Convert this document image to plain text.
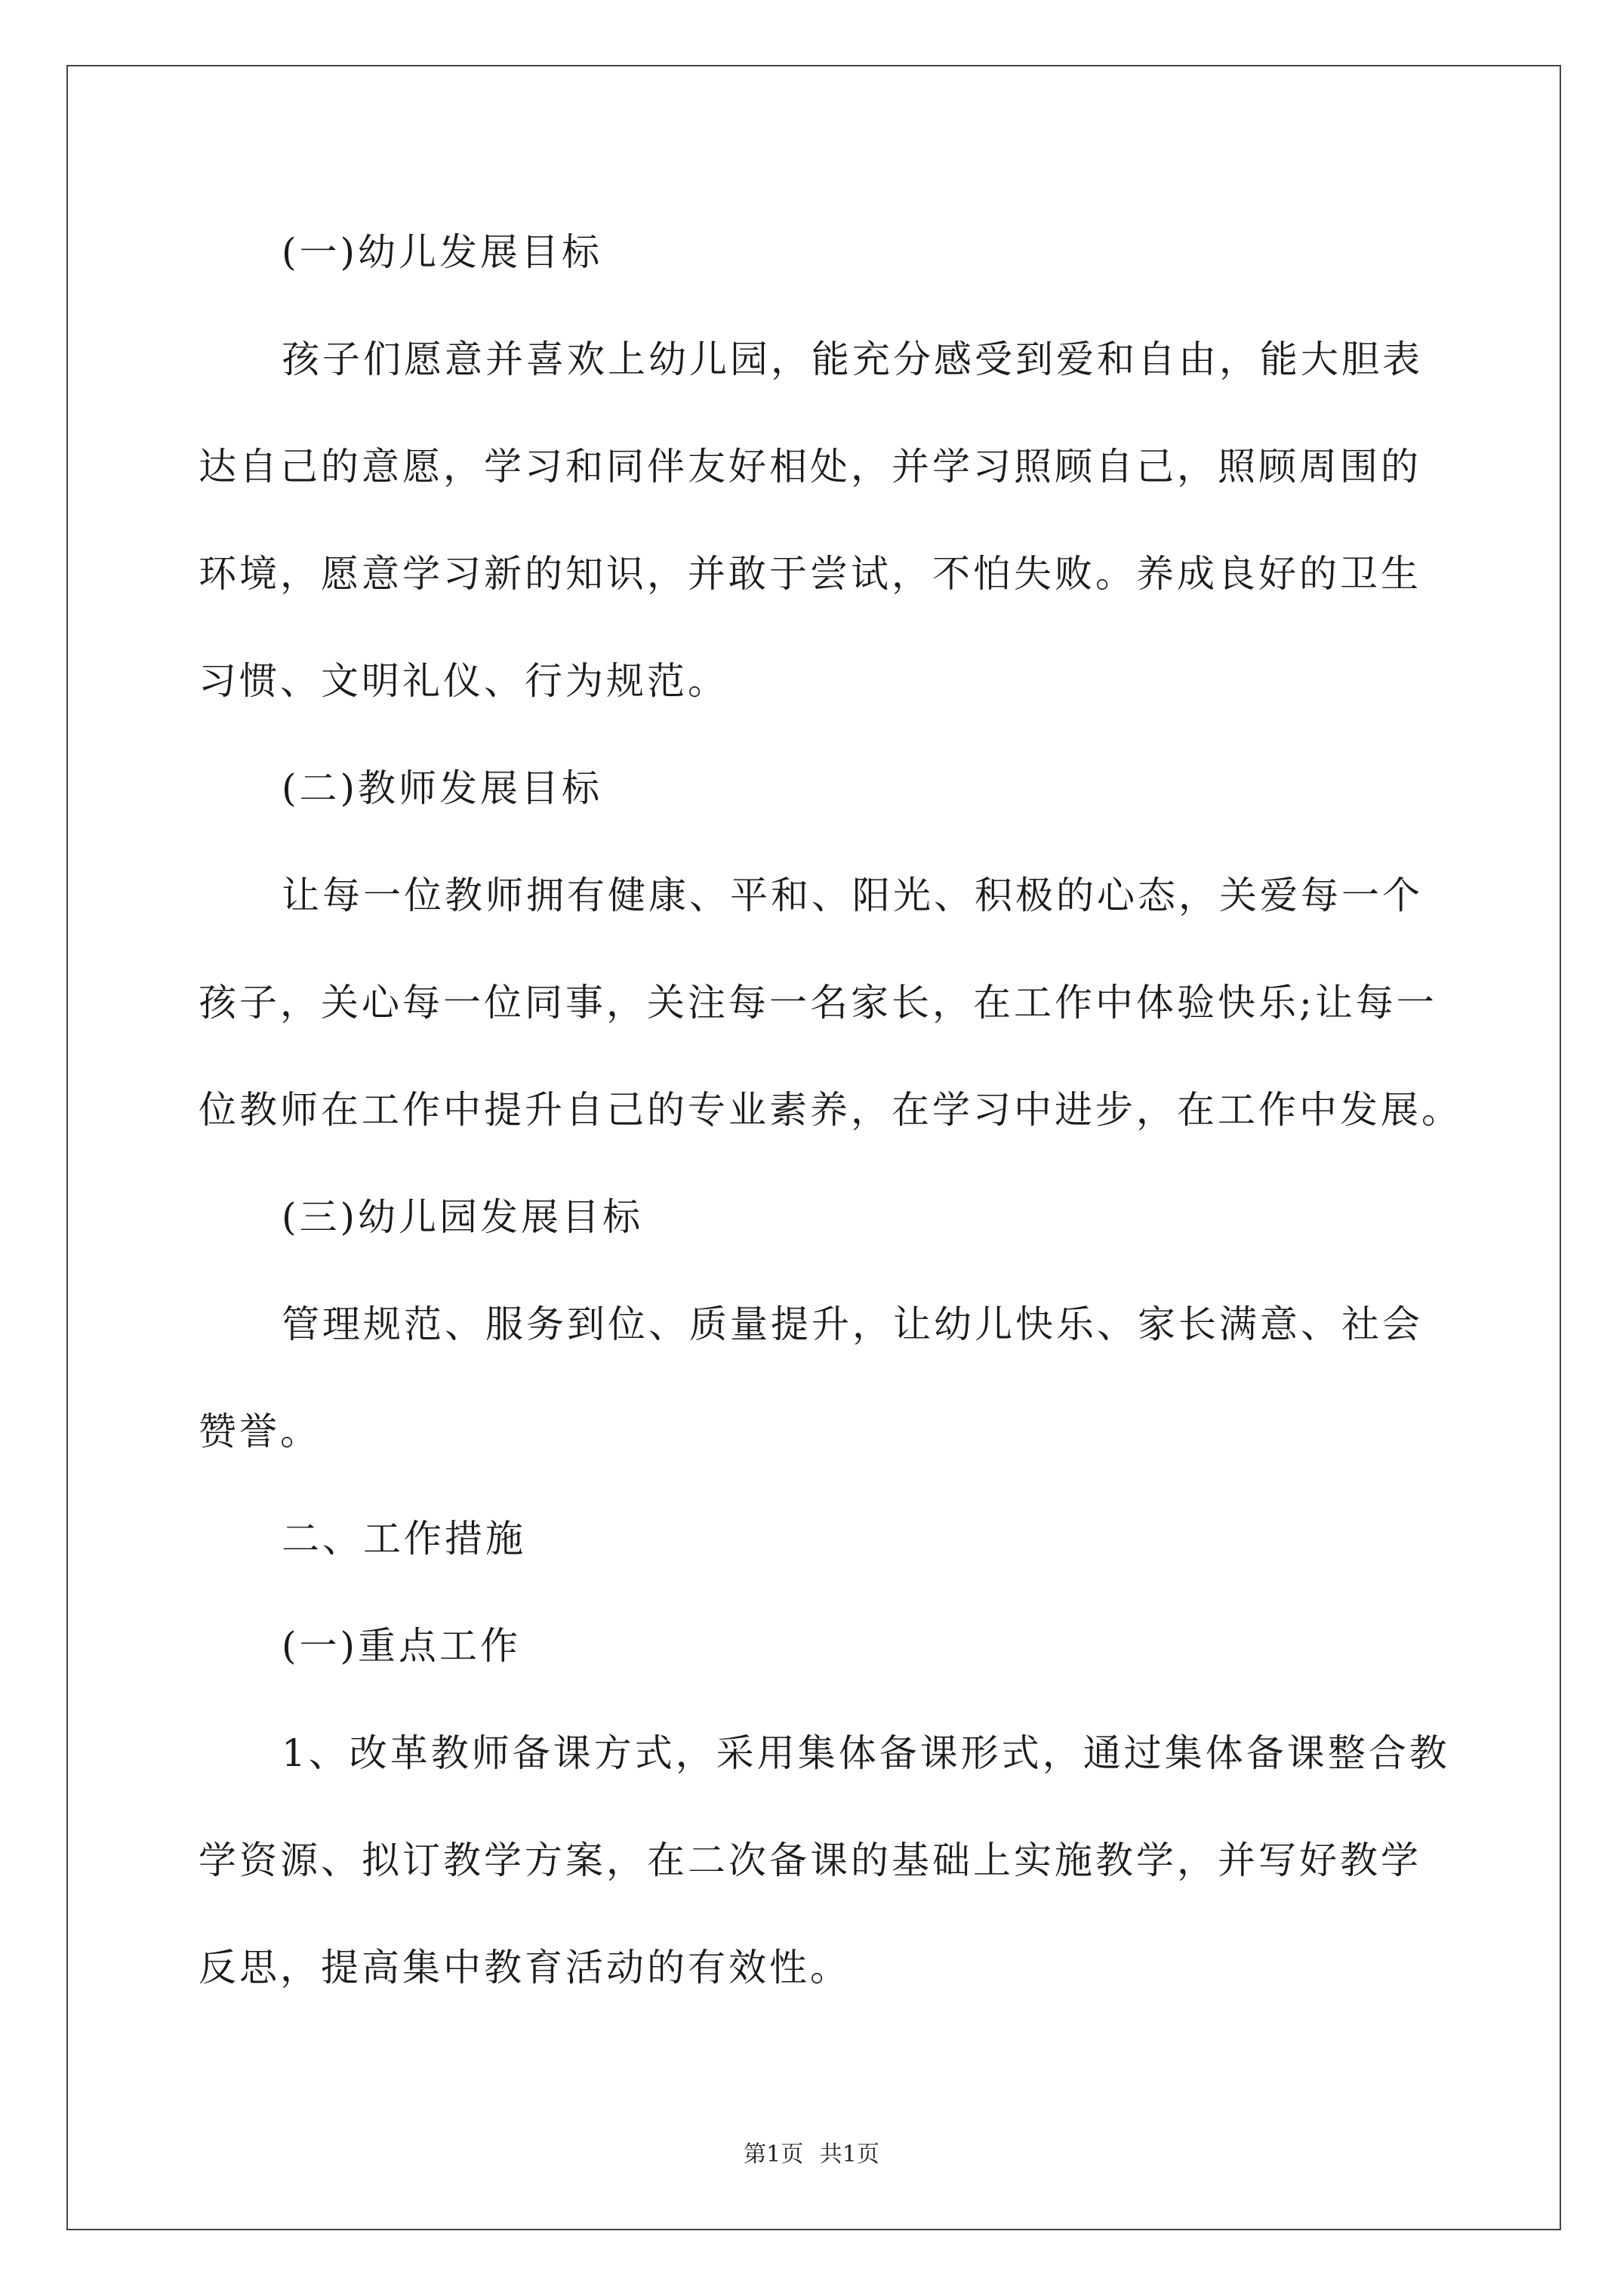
(一)幼儿发展目标
孩子们愿意并喜欢上幼儿园，能充分感受到爱和自由，能大胆表
达自己的意愿，学习和同伴友好相处，并学习照顾自己，照顾周围的
环境，愿意学习新的知识，并敢于尝试，不怕失败。养成良好的卫生
习惯、文明礼仪、行为规范。
(二)教师发展目标
让每一位教师拥有健康、平和、阳光、积极的心态，关爱每一个
孩子，关心每一位同事，关注每一名家长，在工作中体验快乐;让每一
位教师在工作中提升自己的专业素养，在学习中进步，在工作中发展。
(三)幼儿园发展目标
管理规范、服务到位、质量提升，让幼儿快乐、家长满意、社会
赞誉。
二、工作措施
(一)重点工作
1、改革教师备课方式，采用集体备课形式，通过集体备课整合教
学资源、拟订教学方案，在二次备课的基础上实施教学，并写好教学
反思，提高集中教育活动的有效性。
第1页 共1页
